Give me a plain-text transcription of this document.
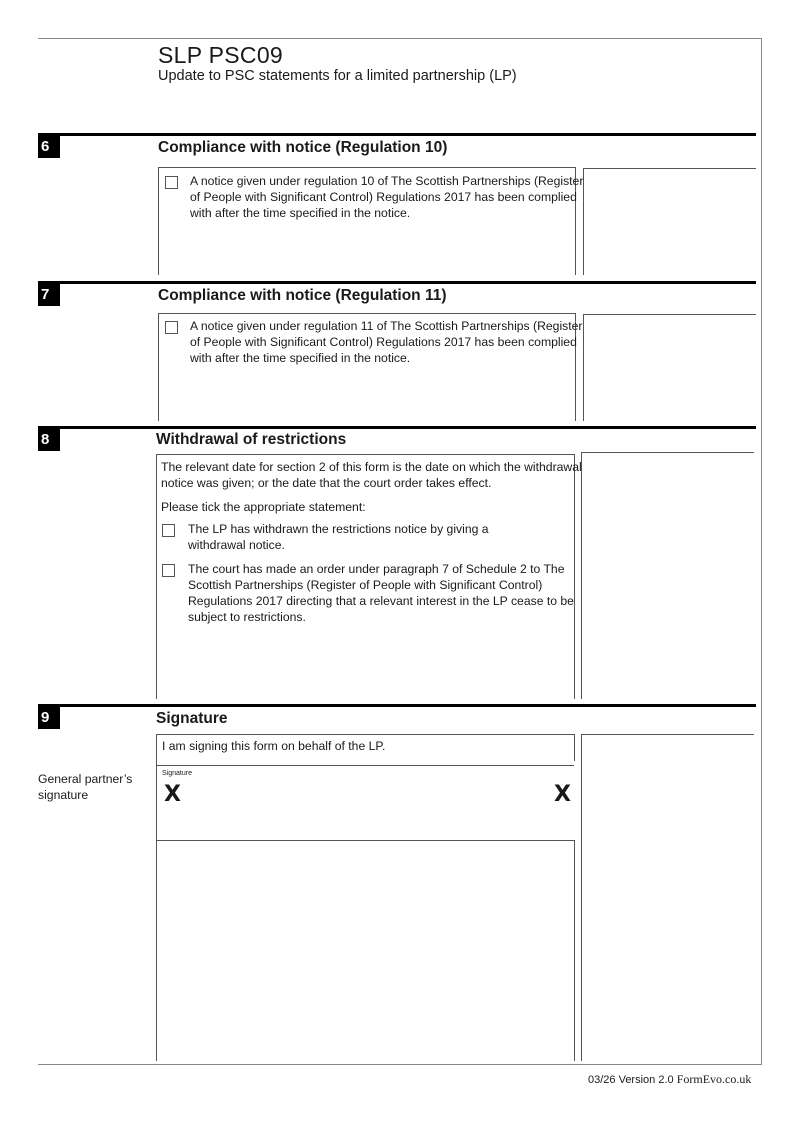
SLP PSC09
Update to PSC statements for a limited partnership (LP)
6	Compliance with notice (Regulation 10)
A notice given under regulation 10 of The Scottish Partnerships (Register
of People with Significant Control) Regulations 2017 has been complied
with after the time specified in the notice.
7	Compliance with notice (Regulation 11)
A notice given under regulation 11 of The Scottish Partnerships (Register
of People with Significant Control) Regulations 2017 has been complied
with after the time specified in the notice.
8	Withdrawal of restrictions
The relevant date for section 2 of this form is the date on which the withdrawal
notice was given; or the date that the court order takes effect.
Please tick the appropriate statement:
The LP has withdrawn the restrictions notice by giving a
withdrawal notice.
The court has made an order under paragraph 7 of Schedule 2 to The
Scottish Partnerships (Register of People with Significant Control)
Regulations 2017 directing that a relevant interest in the LP cease to be
subject to restrictions.
9	Signature
I am signing this form on behalf of the LP.
General partner’s
signature
Signature
X	X
03/26 Version 2.0 FormEvo.co.uk
